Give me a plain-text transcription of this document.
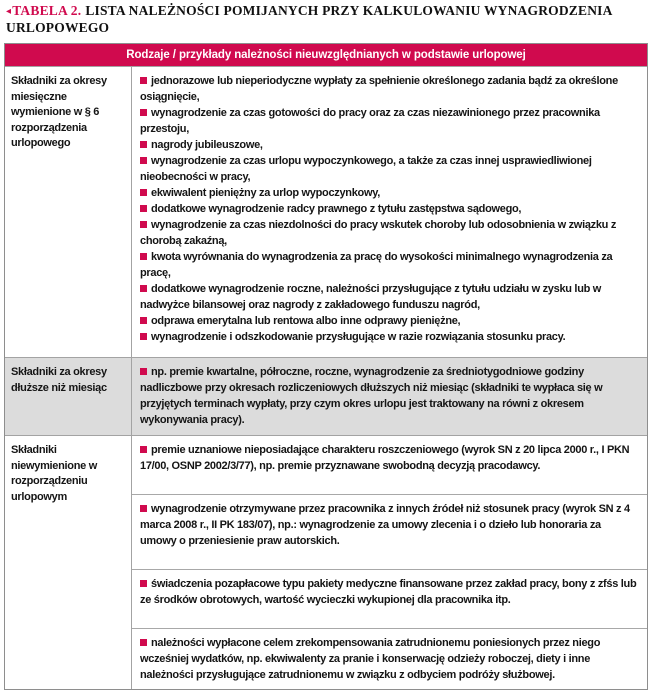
◂TABELA 2. LISTA NALEŻNOŚCI POMIJANYCH PRZY KALKULOWANIU WYNAGRODZENIA URLOPOWEGO
Rodzaje / przykłady należności nieuwzględnianych w podstawie urlopowej
Składniki za okresy miesięczne wymienione w § 6 rozporządzenia urlopowego

jednorazowe lub nieperiodyczne wypłaty za spełnienie określonego zadania bądź za określone osiągnięcie,

wynagrodzenie za czas gotowości do pracy oraz za czas niezawinionego przez pracownika przestoju,

nagrody jubileuszowe,

wynagrodzenie za czas urlopu wypoczynkowego, a także za czas innej usprawiedliwionej nieobecności w pracy,

ekwiwalent pieniężny za urlop wypoczynkowy,

dodatkowe wynagrodzenie radcy prawnego z tytułu zastępstwa sądowego,

wynagrodzenie za czas niezdolności do pracy wskutek choroby lub odosobnienia w związku z chorobą zakaźną,

kwota wyrównania do wynagrodzenia za pracę do wysokości minimalnego wynagrodzenia za pracę,

dodatkowe wynagrodzenie roczne, należności przysługujące z tytułu udziału w zysku lub w nadwyżce bilansowej oraz nagrody z zakładowego funduszu nagród,

odprawa emerytalna lub rentowa albo inne odprawy pieniężne,

wynagrodzenie i odszkodowanie przysługujące w razie rozwiązania stosunku pracy.

Składniki za okresy dłuższe niż miesiąc

np. premie kwartalne, półroczne, roczne, wynagrodzenie za średniotygodniowe godziny nadliczbowe przy okresach rozliczeniowych dłuższych niż miesiąc (składniki te wypłaca się w przyjętych terminach wypłaty, przy czym okres urlopu jest traktowany na równi z okresem wykonywania pracy).

Składniki niewymienione w rozporządzeniu urlopowym

premie uznaniowe nieposiadające charakteru roszczeniowego (wyrok SN z 20 lipca 2000 r., I PKN 17/00, OSNP 2002/3/77), np. premie przyznawane swobodną decyzją pracodawcy.

wynagrodzenie otrzymywane przez pracownika z innych źródeł niż stosunek pracy (wyrok SN z 4 marca 2008 r., II PK 183/07), np.: wynagrodzenie za umowy zlecenia i o dzieło lub honoraria za umowy o przeniesienie praw autorskich.

świadczenia pozapłacowe typu pakiety medyczne finansowane przez zakład pracy, bony z zfśs lub ze środków obrotowych, wartość wycieczki wykupionej dla pracownika itp.

należności wypłacone celem zrekompensowania zatrudnionemu poniesionych przez niego wcześniej wydatków, np. ekwiwalenty za pranie i konserwację odzieży roboczej, diety i inne należności przysługujące zatrudnionemu w związku z odbyciem podróży służbowej.
